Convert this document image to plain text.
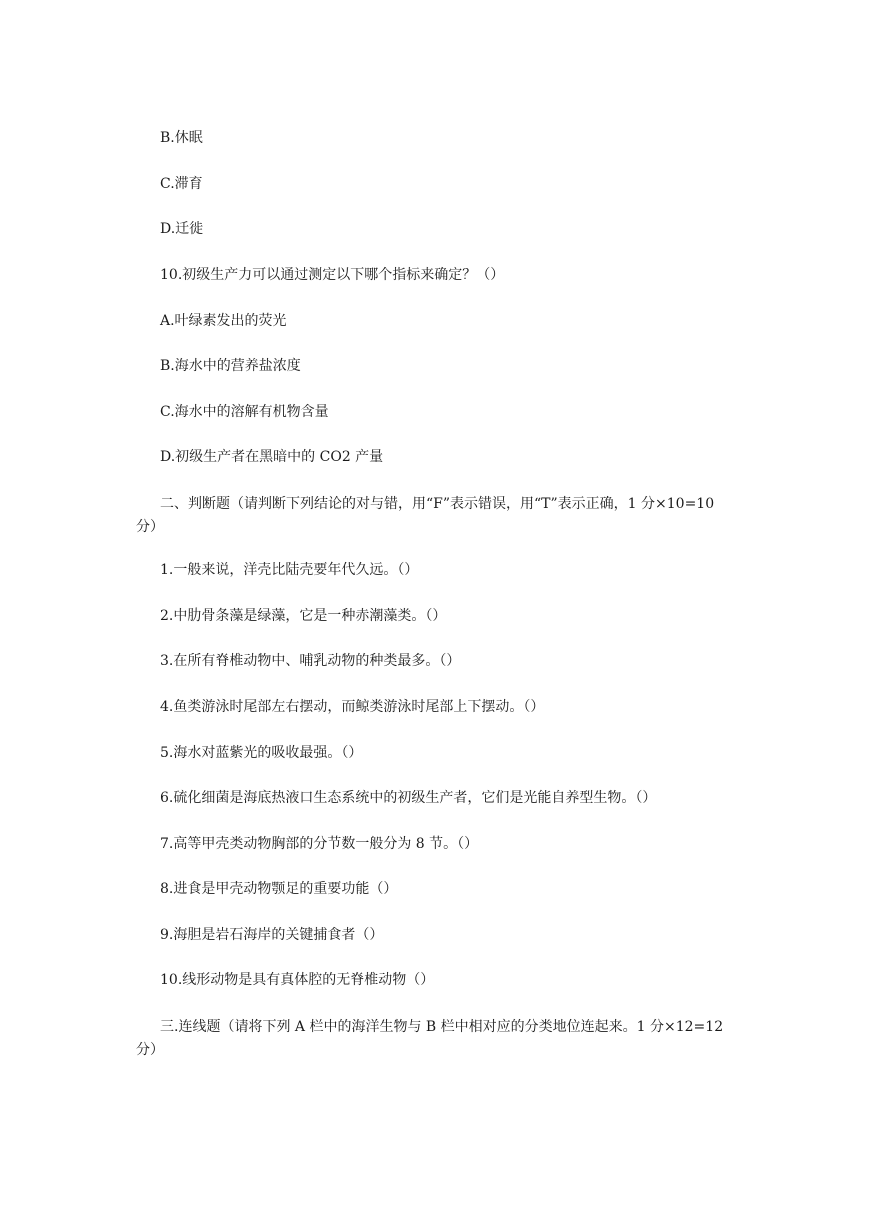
B.休眠
C.滞育
D.迁徙
10.初级生产力可以通过测定以下哪个指标来确定？（）
A.叶绿素发出的荧光
B.海水中的营养盐浓度
C.海水中的溶解有机物含量
D.初级生产者在黑暗中的 CO2 产量
二、判断题（请判断下列结论的对与错，用“F”表示错误，用“T”表示正确，1 分×10=10 分）
1.一般来说，洋壳比陆壳要年代久远。（）
2.中肋骨条藻是绿藻，它是一种赤潮藻类。（）
3.在所有脊椎动物中、哺乳动物的种类最多。（）
4.鱼类游泳时尾部左右摆动，而鲸类游泳时尾部上下摆动。（）
5.海水对蓝紫光的吸收最强。（）
6.硫化细菌是海底热液口生态系统中的初级生产者，它们是光能自养型生物。（）
7.高等甲壳类动物胸部的分节数一般分为 8 节。（）
8.进食是甲壳动物颚足的重要功能（）
9.海胆是岩石海岸的关键捕食者（）
10.线形动物是具有真体腔的无脊椎动物（）
三.连线题（请将下列 A 栏中的海洋生物与 B 栏中相对应的分类地位连起来。1 分×12=12 分）
